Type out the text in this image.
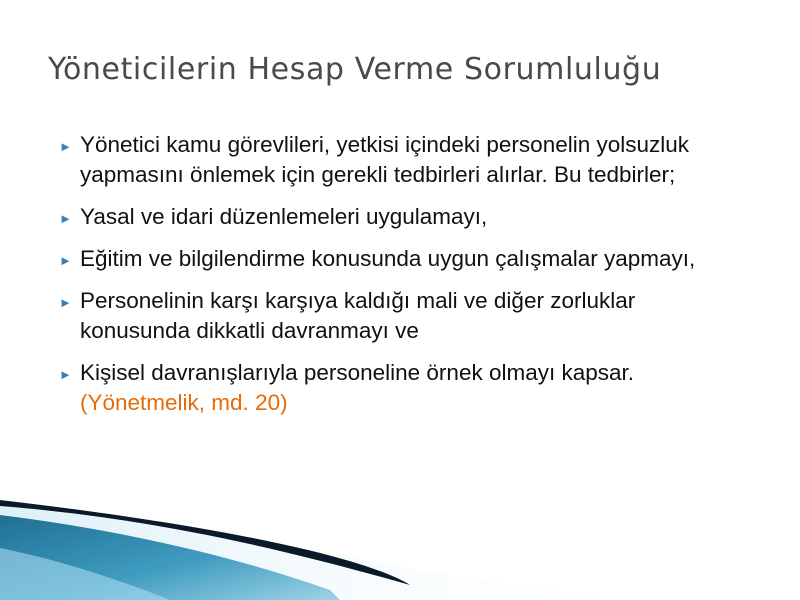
Yöneticilerin Hesap Verme Sorumluluğu
► Yönetici kamu görevlileri, yetkisi içindeki personelin yolsuzluk yapmasını önlemek için gerekli tedbirleri alırlar. Bu tedbirler;
► Yasal ve idari düzenlemeleri uygulamayı,
► Eğitim ve bilgilendirme konusunda uygun çalışmalar yapmayı,
► Personelinin karşı karşıya kaldığı mali ve diğer zorluklar konusunda dikkatli davranmayı ve
► Kişisel davranışlarıyla personeline örnek olmayı kapsar.
(Yönetmelik, md. 20)
